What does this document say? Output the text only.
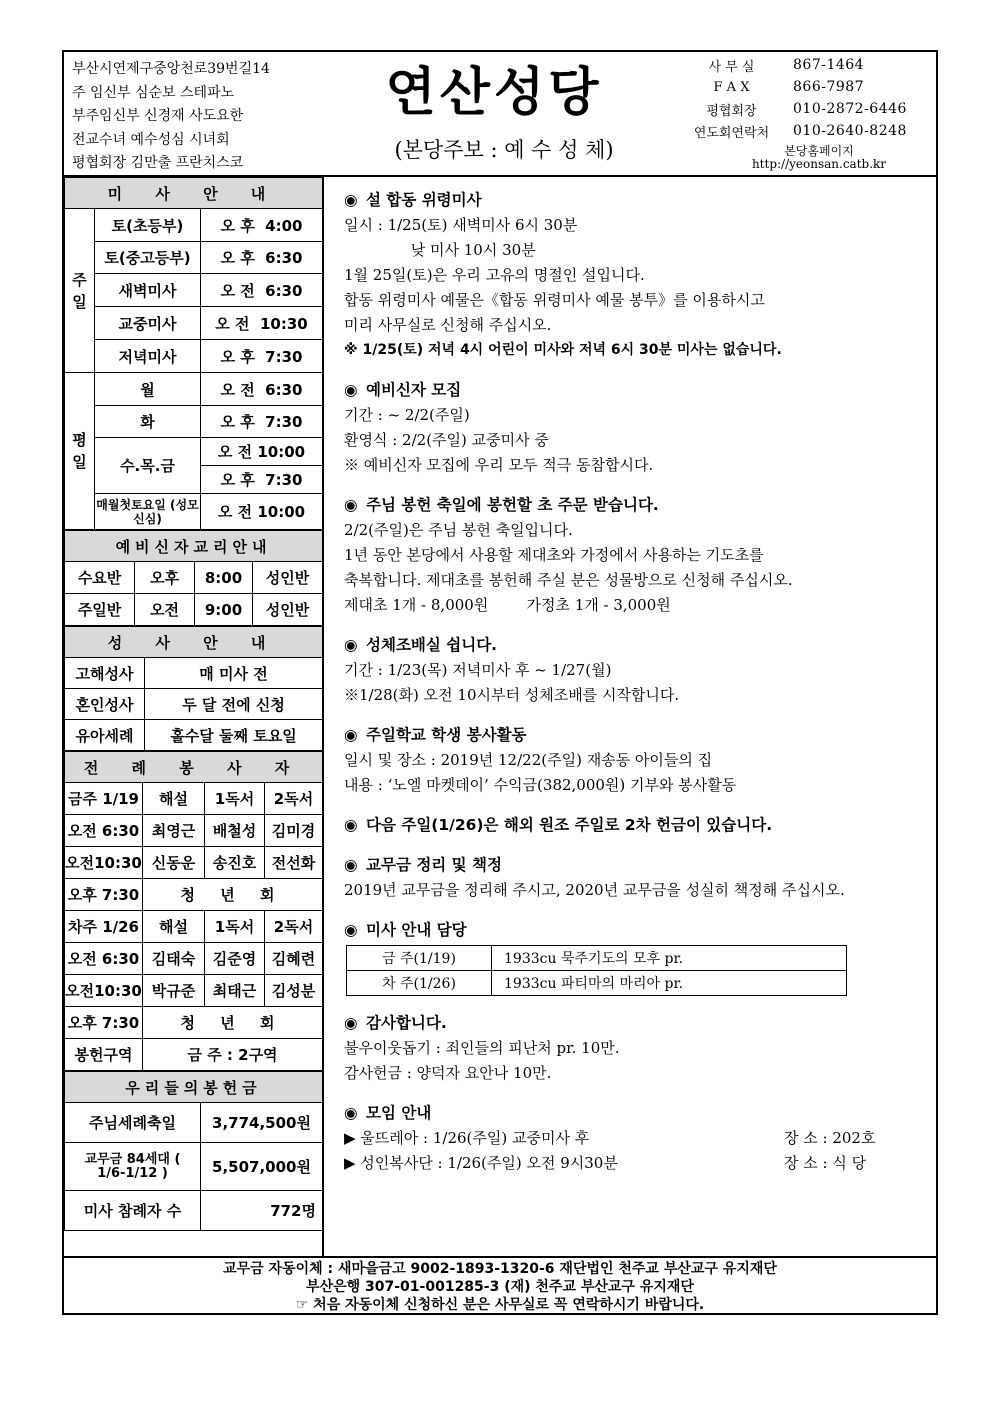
부산시연제구중앙천로39번길14
주 임신부 심순보 스테파노
부주임신부 신경재 사도요한
전교수녀 예수성심 시녀회
평협회장 김만출 프란치스코
연산성당
(본당주보 : 예 수 성 체)
사 무 실	867-1464
F A X	866-7987
평협회장	010-2872-6446
연도회연락처	010-2640-8248
본당홈페이지
http://yeonsan.catb.kr
미 사 안 내		
주 일	토(초등부)	오 후 4:00
	토(중고등부)	오 후 6:30
	새벽미사	오 전 6:30
	교중미사	오 전 10:30
	저녁미사	오 후 7:30
평 일	월	오 전 6:30
	화	오 후 7:30
	수.목.금	오 전 10:00
		오 후 7:30
	매월첫토요일 (성모신심)	오 전 10:00
예비신자교리안내			
수요반	오후	8:00	성인반
주일반	오전	9:00	성인반
성 사 안 내	
고해성사	매 미사 전
혼인성사	두 달 전에 신청
유아세례	홀수달 둘째 토요일
전 례 봉 사 자			
금주 1/19	해설	1독서	2독서
오전 6:30	최영근	배철성	김미경
오전10:30	신동운	송진호	전선화
오후 7:30	청 년 회		
차주 1/26	해설	1독서	2독서
오전 6:30	김태숙	김준영	김혜련
오전10:30	박규준	최태근	김성분
오후 7:30	청 년 회		
봉헌구역	금 주 : 2구역		
우리들의봉헌금	
주님세례축일	3,774,500원
교무금 84세대 ( 1/6-1/12 )	5,507,000원
미사 참례자 수	772명
◉ 설 합동 위령미사
일시 : 1/25(토) 새벽미사 6시 30분
낮 미사 10시 30분
1월 25일(토)은 우리 고유의 명절인 설입니다.
합동 위령미사 예물은《합동 위령미사 예물 봉투》를 이용하시고
미리 사무실로 신청해 주십시오.
※ 1/25(토) 저녁 4시 어린이 미사와 저녁 6시 30분 미사는 없습니다.
◉ 예비신자 모집
기간 : ~ 2/2(주일)
환영식 : 2/2(주일) 교중미사 중
※ 예비신자 모집에 우리 모두 적극 동참합시다.
◉ 주님 봉헌 축일에 봉헌할 초 주문 받습니다.
2/2(주일)은 주님 봉헌 축일입니다.
1년 동안 본당에서 사용할 제대초와 가정에서 사용하는 기도초를
축복합니다. 제대초를 봉헌해 주실 분은 성물방으로 신청해 주십시오.
제대초 1개 - 8,000원        가정초 1개 - 3,000원
◉ 성체조배실 쉽니다.
기간 : 1/23(목) 저녁미사 후 ~ 1/27(월)
※1/28(화) 오전 10시부터 성체조배를 시작합니다.
◉ 주일학교 학생 봉사활동
일시 및 장소 : 2019년 12/22(주일) 재송동 아이들의 집
내용 : ‘노엘 마켓데이’ 수익금(382,000원) 기부와 봉사활동
◉ 다음 주일(1/26)은 해외 원조 주일로 2차 헌금이 있습니다.
◉ 교무금 정리 및 책정
2019년 교무금을 정리해 주시고, 2020년 교무금을 성실히 책정해 주십시오.
◉ 미사 안내 담당
금 주(1/19)	1933cu 묵주기도의 모후 pr.
차 주(1/26)	1933cu 파티마의 마리아 pr.
◉ 감사합니다.
불우이웃돕기 : 죄인들의 피난처 pr. 10만.
감사헌금 : 양덕자 요안나 10만.
◉ 모임 안내
▶ 울뜨레아 : 1/26(주일) 교중미사 후	장 소 : 202호
▶ 성인복사단 : 1/26(주일) 오전 9시30분	장 소 : 식 당
교무금 자동이체 : 새마을금고 9002-1893-1320-6 재단법인 천주교 부산교구 유지재단
부산은행 307-01-001285-3 (재) 천주교 부산교구 유지재단
☞ 처음 자동이체 신청하신 분은 사무실로 꼭 연락하시기 바랍니다.
